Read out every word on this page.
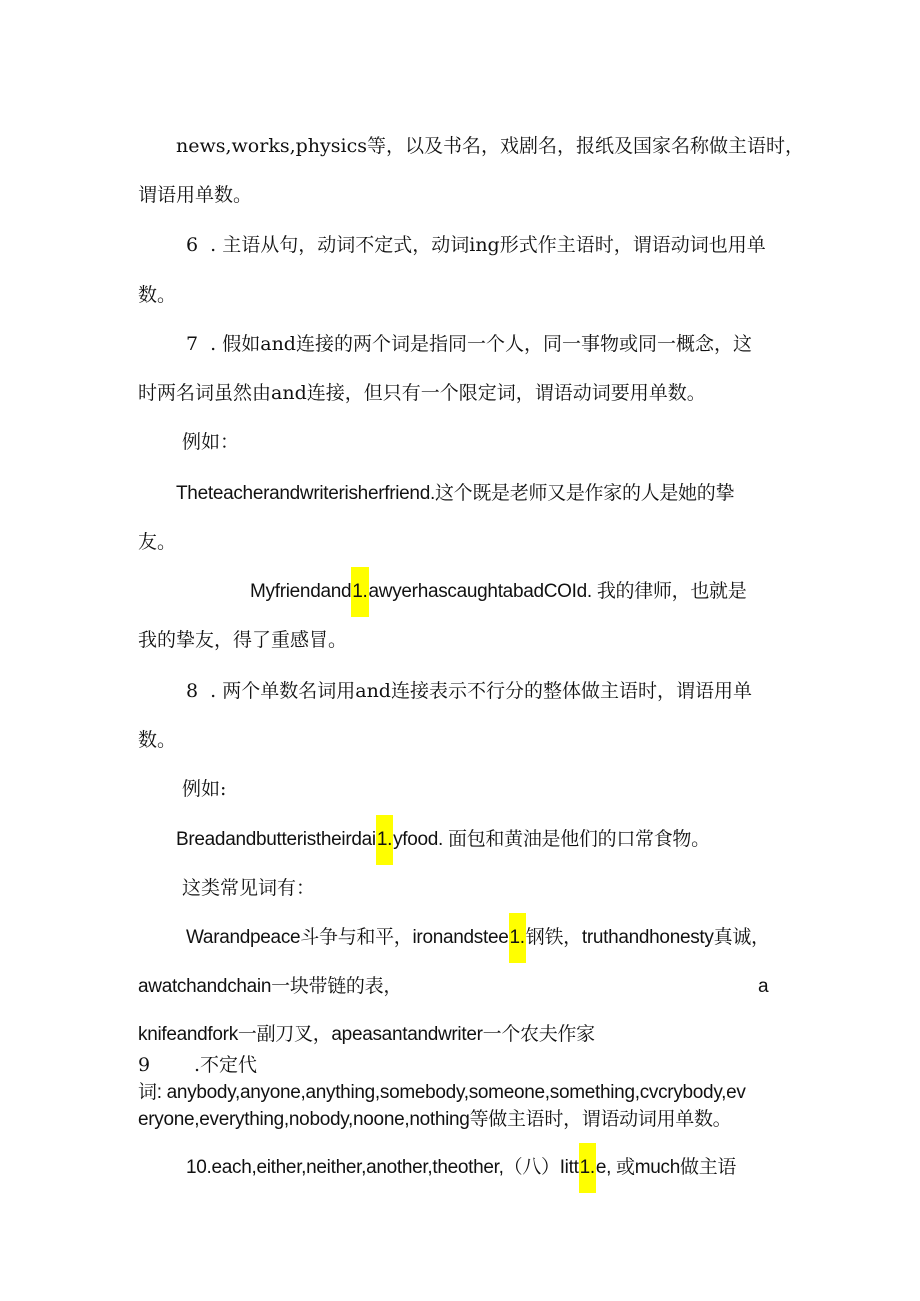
news,works,physics等，以及书名，戏剧名，报纸及国家名称做主语时，
谓语用单数。
6  . 主语从句，动词不定式，动词ing形式作主语时，谓语动词也用单
数。
7  . 假如and连接的两个词是指同一个人，同一事物或同一概念，这
时两名词虽然由and连接，但只有一个限定词，谓语动词要用单数。
例如：
Theteacherandwriterisherfriend.这个既是老师又是作家的人是她的挚
友。
Myfriendand1.awyerhascaughtabadCOId. 我的律师，也就是
我的挚友，得了重感冒。
8  . 两个单数名词用and连接表示不行分的整体做主语时，谓语用单
数。
例如:
Breadandbutteristheirdai1.yfood. 面包和黄油是他们的口常食物。
这类常见词有：
Warandpeace斗争与和平，ironandstee1.钢铁，truthandhonesty真诚，
awatchandchain一块带链的表，	a
knifeandfork一副刀叉，apeasantandwriter一个农夫作家
9 .不定代
词: anybody,anyone,anything,somebody,someone,something,cvcrybody,ev
eryone,everything,nobody,noone,nothing等做主语时，谓语动词用单数。
10.each,either,neither,another,theother,（八）Iitt1.e, 或much做主语
